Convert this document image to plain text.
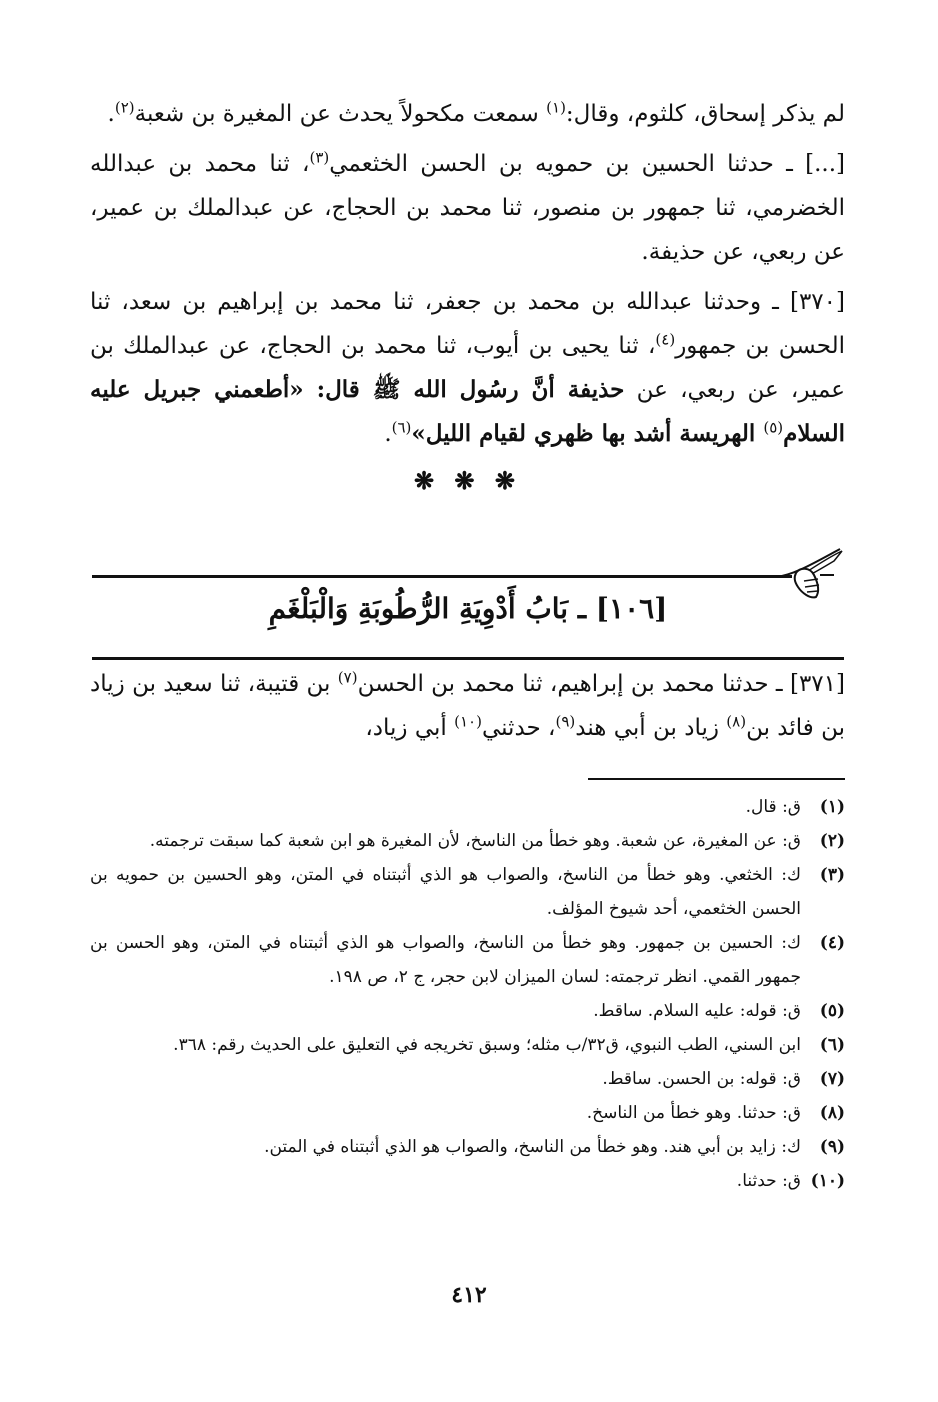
لم يذكر إسحاق، كلثوم، وقال:$^{(١)}$ سمعت مكحولاً يحدث عن المغيرة بن شعبة$^{(٢)}$.

[...] ـ حدثنا الحسين بن حمويه بن الحسن الخثعمي$^{(٣)}$، ثنا محمد بن عبدالله الخضرمي، ثنا جمهور بن منصور، ثنا محمد بن الحجاج، عن عبدالملك بن عمير، عن ربعي، عن حذيفة.

[٣٧٠] ـ وحدثنا عبدالله بن محمد بن جعفر، ثنا محمد بن إبراهيم بن سعد، ثنا الحسن بن جمهور$^{(٤)}$، ثنا يحيى بن أيوب، ثنا محمد بن الحجاج، عن عبدالملك بن عمير، عن ربعي، عن حذيفة أنَّ رسُول الله ﷺ قال: «أطعمني جبريل عليه السلام$^{(٥)}$ الهريسة أشد بها ظهري لقيام الليل»$^{(٦)}$.

❋ ❋ ❋
[١٠٦] ـ بَابُ أَدْوِيَةِ الرُّطُوبَةِ وَالْبَلْغَمِ

[٣٧١] ـ حدثنا محمد بن إبراهيم، ثنا محمد بن الحسن$^{(٧)}$ بن قتيبة، ثنا سعيد بن زياد بن فائد بن$^{(٨)}$ زياد بن أبي هند$^{(٩)}$، حدثني$^{(١٠)}$ أبي زياد،

(١)
ق: قال.
(٢)
ق: عن المغيرة، عن شعبة. وهو خطأ من الناسخ، لأن المغيرة هو ابن شعبة كما سبقت ترجمته.
(٣)
ك: الخثعي. وهو خطأ من الناسخ، والصواب هو الذي أثبتناه في المتن، وهو الحسين بن حمويه بن الحسن الخثعمي، أحد شيوخ المؤلف.
(٤)
ك: الحسين بن جمهور. وهو خطأ من الناسخ، والصواب هو الذي أثبتناه في المتن، وهو الحسن بن جمهور القمي. انظر ترجمته: لسان الميزان لابن حجر، ج ٢، ص ١٩٨.
(٥)
ق: قوله: عليه السلام. ساقط.
(٦)
ابن السني، الطب النبوي، ق٣٢/ب مثله؛ وسبق تخريجه في التعليق على الحديث رقم: ٣٦٨.
(٧)
ق: قوله: بن الحسن. ساقط.
(٨)
ق: حدثنا. وهو خطأ من الناسخ.
(٩)
ك: زايد بن أبي هند. وهو خطأ من الناسخ، والصواب هو الذي أثبتناه في المتن.
(١٠)
ق: حدثنا.
٤١٢
